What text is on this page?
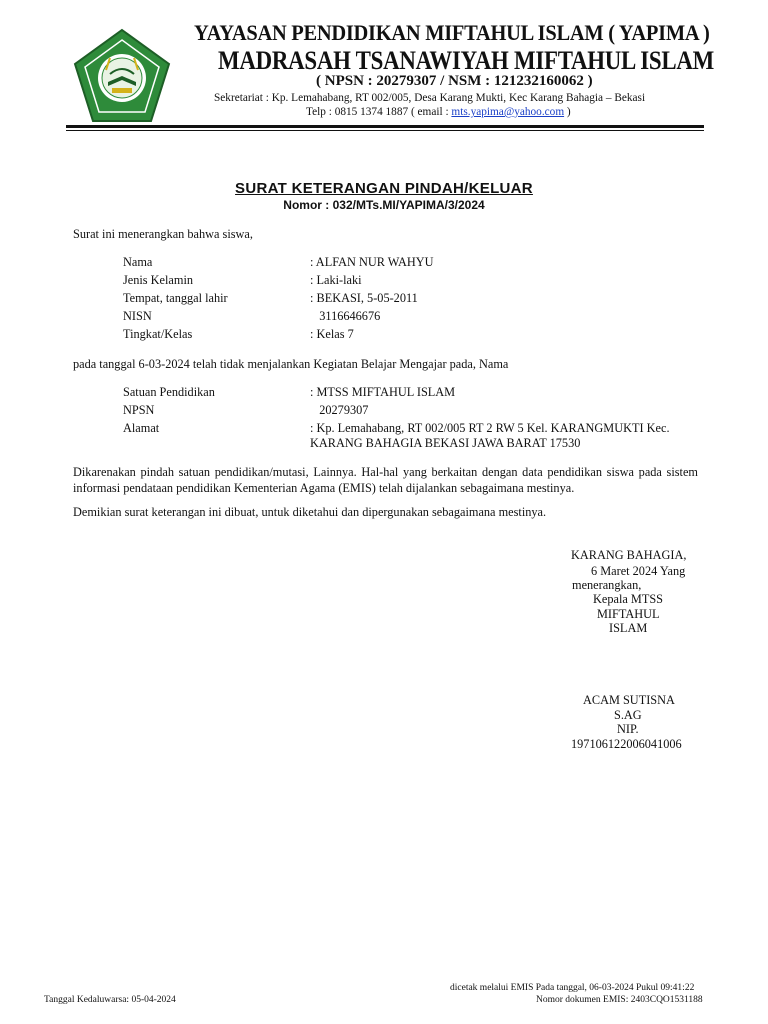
YAYASAN PENDIDIKAN MIFTAHUL ISLAM ( YAPIMA )
MADRASAH TSANAWIYAH MIFTAHUL ISLAM
( NPSN : 20279307 / NSM : 121232160062 )
Sekretariat : Kp. Lemahabang, RT 002/005, Desa Karang Mukti, Kec Karang Bahagia – Bekasi
Telp : 0815 1374 1887 ( email : mts.yapima@yahoo.com )
SURAT KETERANGAN PINDAH/KELUAR
Nomor : 032/MTs.MI/YAPIMA/3/2024
Surat ini menerangkan bahwa siswa,
Nama	: ALFAN NUR WAHYU
Jenis Kelamin	: Laki-laki
Tempat, tanggal lahir	: BEKASI, 5-05-2011
NISN	3116646676
Tingkat/Kelas	: Kelas 7
pada tanggal 6-03-2024 telah tidak menjalankan Kegiatan Belajar Mengajar pada, Nama
Satuan Pendidikan	: MTSS MIFTAHUL ISLAM
NPSN	20279307
Alamat	: Kp. Lemahabang, RT 002/005 RT 2 RW 5 Kel. KARANGMUKTI Kec. KARANG BAHAGIA BEKASI JAWA BARAT 17530
Dikarenakan pindah satuan pendidikan/mutasi, Lainnya. Hal-hal yang berkaitan dengan data pendidikan siswa pada sistem informasi pendataan pendidikan Kementerian Agama (EMIS) telah dijalankan sebagaimana mestinya.
Demikian surat keterangan ini dibuat, untuk diketahui dan dipergunakan sebagaimana mestinya.
KARANG BAHAGIA,
6 Maret 2024 Yang
menerangkan,
Kepala MTSS
MIFTAHUL
ISLAM
ACAM SUTISNA
S.AG
NIP.
197106122006041006
dicetak melalui EMIS Pada tanggal, 06-03-2024 Pukul 09:41:22
Nomor dokumen EMIS: 2403CQO1531188
Tanggal Kedaluwarsa: 05-04-2024
